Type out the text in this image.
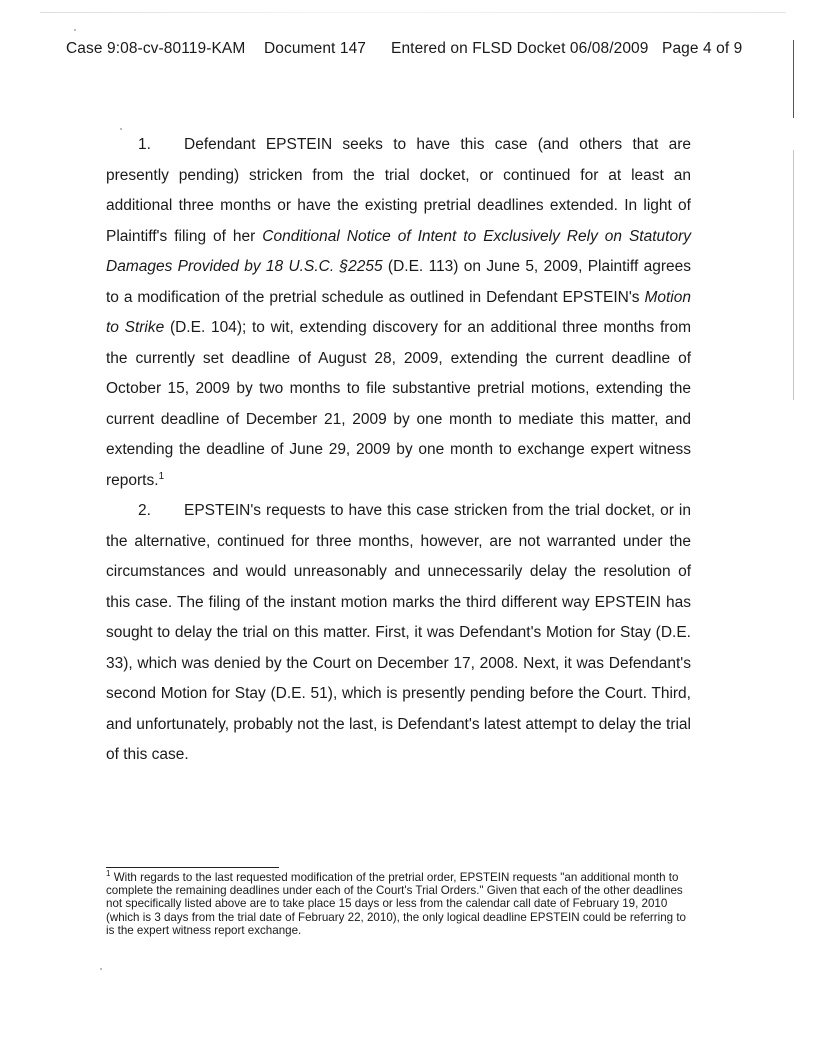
Case 9:08-cv-80119-KAM Document 147 Entered on FLSD Docket 06/08/2009 Page 4 of 9

1. Defendant EPSTEIN seeks to have this case (and others that are presently pending) stricken from the trial docket, or continued for at least an additional three months or have the existing pretrial deadlines extended. In light of Plaintiff's filing of her Conditional Notice of Intent to Exclusively Rely on Statutory Damages Provided by 18 U.S.C. §2255 (D.E. 113) on June 5, 2009, Plaintiff agrees to a modification of the pretrial schedule as outlined in Defendant EPSTEIN's Motion to Strike (D.E. 104); to wit, extending discovery for an additional three months from the currently set deadline of August 28, 2009, extending the current deadline of October 15, 2009 by two months to file substantive pretrial motions, extending the current deadline of December 21, 2009 by one month to mediate this matter, and extending the deadline of June 29, 2009 by one month to exchange expert witness reports.$^1$

2. EPSTEIN's requests to have this case stricken from the trial docket, or in the alternative, continued for three months, however, are not warranted under the circumstances and would unreasonably and unnecessarily delay the resolution of this case. The filing of the instant motion marks the third different way EPSTEIN has sought to delay the trial on this matter. First, it was Defendant's Motion for Stay (D.E. 33), which was denied by the Court on December 17, 2008. Next, it was Defendant's second Motion for Stay (D.E. 51), which is presently pending before the Court. Third, and unfortunately, probably not the last, is Defendant's latest attempt to delay the trial of this case.

$^1$ With regards to the last requested modification of the pretrial order, EPSTEIN requests "an additional month to complete the remaining deadlines under each of the Court's Trial Orders." Given that each of the other deadlines not specifically listed above are to take place 15 days or less from the calendar call date of February 19, 2010 (which is 3 days from the trial date of February 22, 2010), the only logical deadline EPSTEIN could be referring to is the expert witness report exchange.
